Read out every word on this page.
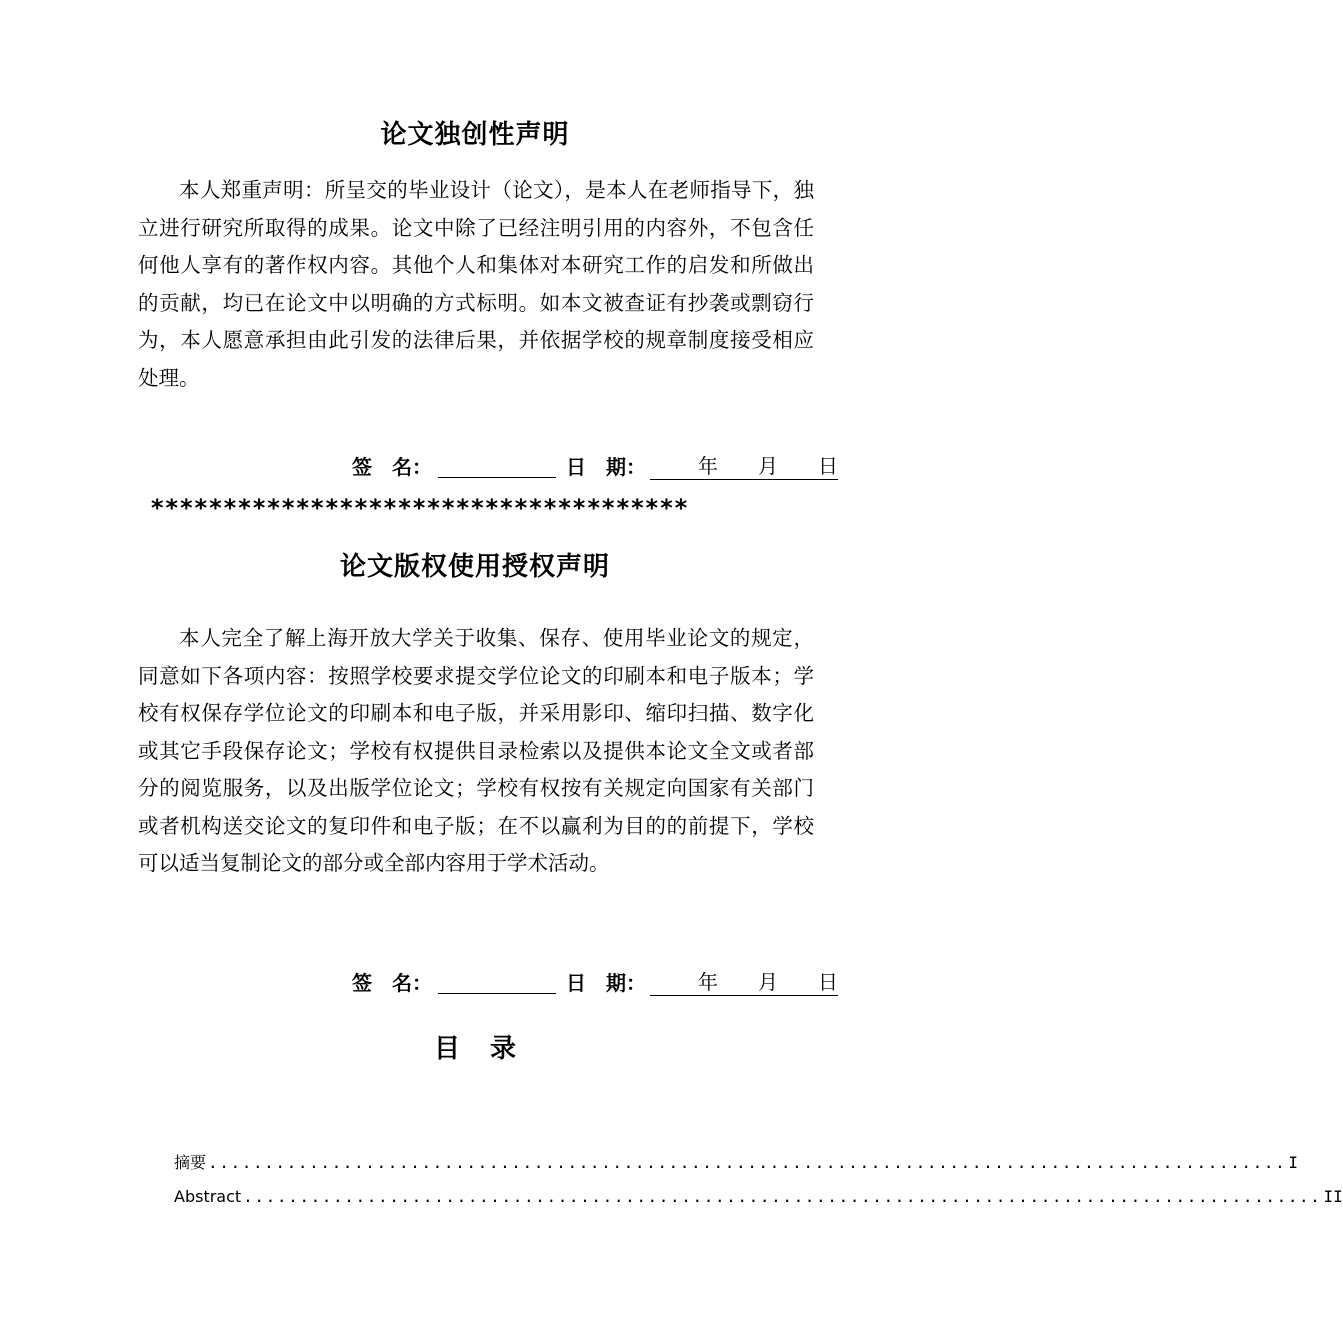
论文独创性声明

本人郑重声明：所呈交的毕业设计（论文），是本人在老师指导下，独立进行研究所取得的成果。论文中除了已经注明引用的内容外，不包含任何他人享有的著作权内容。其他个人和集体对本研究工作的启发和所做出的贡献，均已在论文中以明确的方式标明。如本文被查证有抄袭或剽窃行为，本人愿意承担由此引发的法律后果，并依据学校的规章制度接受相应处理。

签　名：	日　期：	年
　　 月
　　 日
*************************************
论文版权使用授权声明

本人完全了解上海开放大学关于收集、保存、使用毕业论文的规定，同意如下各项内容：按照学校要求提交学位论文的印刷本和电子版本；学校有权保存学位论文的印刷本和电子版，并采用影印、缩印扫描、数字化或其它手段保存论文；学校有权提供目录检索以及提供本论文全文或者部分的阅览服务，以及出版学位论文；学校有权按有关规定向国家有关部门或者机构送交论文的复印件和电子版；在不以赢利为目的的前提下，学校可以适当复制论文的部分或全部内容用于学术活动。

签　名：	日　期：	年
　　 月
　　 日
目录
摘要 ................................................................................................ I
Abstract ................................................................................................ II
